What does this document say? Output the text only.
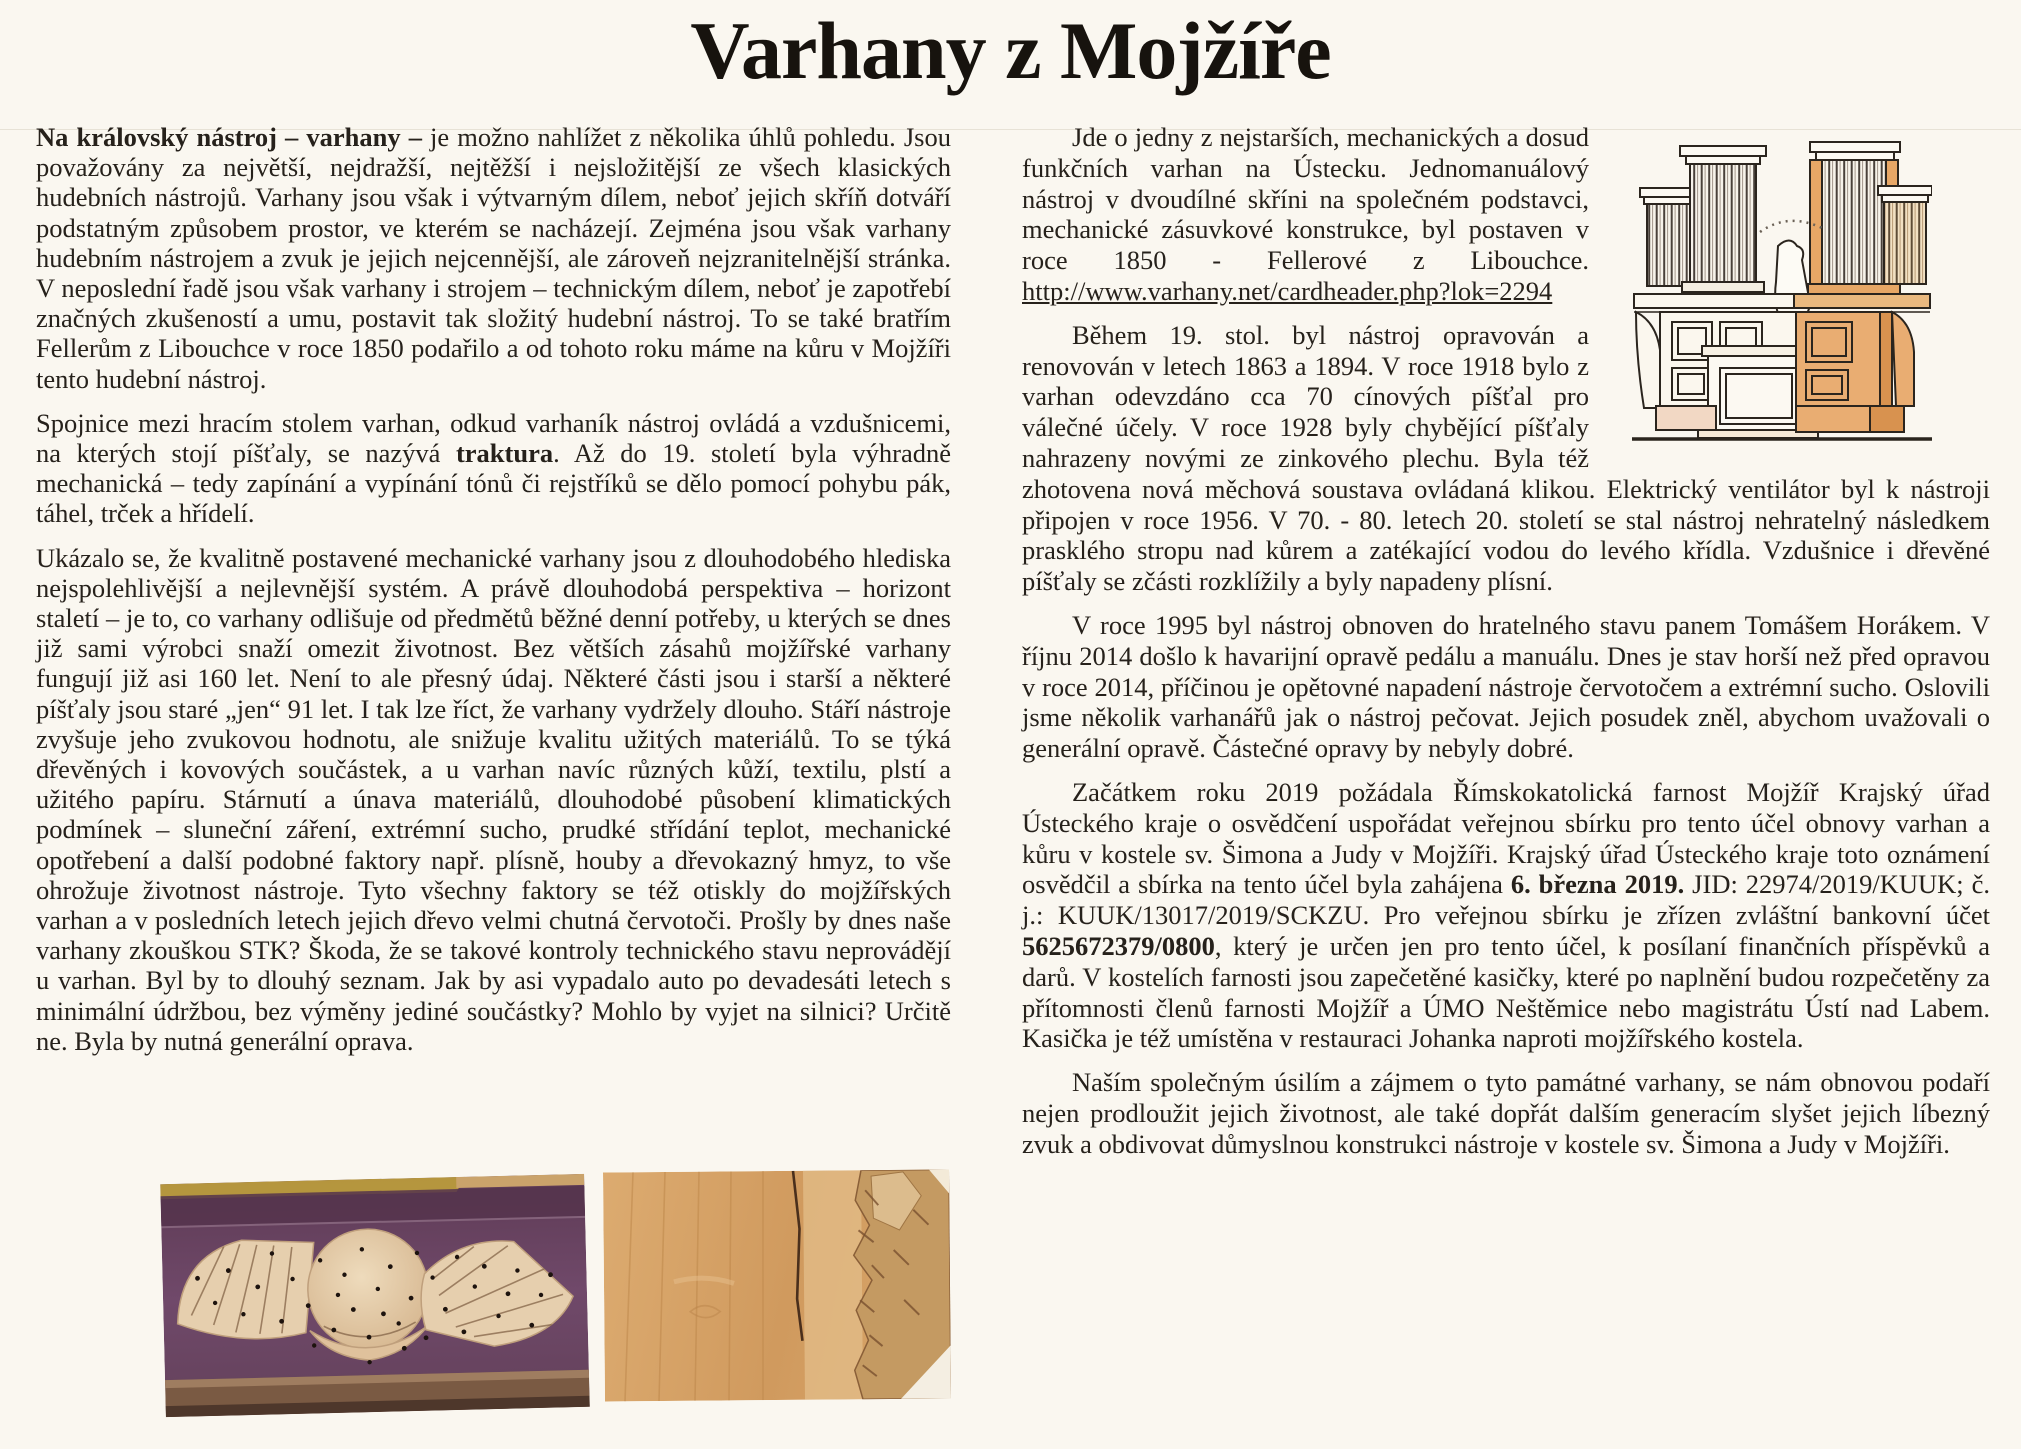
Varhany z Mojžíře

Na královský nástroj – varhany – je možno nahlížet z několika úhlů pohledu. Jsou považovány za největší, nejdražší, nejtěžší i nejsložitější ze všech klasických hudebních nástrojů. Varhany jsou však i výtvarným dílem, neboť jejich skříň dotváří podstatným způsobem prostor, ve kterém se nacházejí. Zejména jsou však varhany hudebním nástrojem a zvuk je jejich nejcennější, ale zároveň nejzranitelnější stránka. V neposlední řadě jsou však varhany i strojem – technickým dílem, neboť je zapotřebí značných zkušeností a umu, postavit tak složitý hudební nástroj. To se také bratřím Fellerům z Libouchce v roce 1850 podařilo a od tohoto roku máme na kůru v Mojžíři tento hudební nástroj.

Spojnice mezi hracím stolem varhan, odkud varhaník nástroj ovládá a vzdušnicemi, na kterých stojí píšťaly, se nazývá traktura. Až do 19. století byla výhradně mechanická – tedy zapínání a vypínání tónů či rejstříků se dělo pomocí pohybu pák, táhel, trček a hřídelí.

Ukázalo se, že kvalitně postavené mechanické varhany jsou z dlouhodobého hlediska nejspolehlivější a nejlevnější systém. A právě dlouhodobá perspektiva – horizont staletí – je to, co varhany odlišuje od předmětů běžné denní potřeby, u kterých se dnes již sami výrobci snaží omezit životnost. Bez větších zásahů mojžířské varhany fungují již asi 160 let. Není to ale přesný údaj. Některé části jsou i starší a některé píšťaly jsou staré „jen“ 91 let. I tak lze říct, že varhany vydržely dlouho. Stáří nástroje zvyšuje jeho zvukovou hodnotu, ale snižuje kvalitu užitých materiálů. To se týká dřevěných i kovových součástek, a u varhan navíc různých kůží, textilu, plstí a užitého papíru. Stárnutí a únava materiálů, dlouhodobé působení klimatických podmínek – sluneční záření, extrémní sucho, prudké střídání teplot, mechanické opotřebení a další podobné faktory např. plísně, houby a dřevokazný hmyz, to vše ohrožuje životnost nástroje. Tyto všechny faktory se též otiskly do mojžířských varhan a v posledních letech jejich dřevo velmi chutná červotoči. Prošly by dnes naše varhany zkouškou STK? Škoda, že se takové kontroly technického stavu neprovádějí u varhan. Byl by to dlouhý seznam. Jak by asi vypadalo auto po devadesáti letech s minimální údržbou, bez výměny jediné součástky? Mohlo by vyjet na silnici? Určitě ne. Byla by nutná generální oprava.

Jde o jedny z nejstarších, mechanických a dosud funkčních varhan na Ústecku. Jednomanuálový nástroj v dvoudílné skříni na společném podstavci, mechanické zásuvkové konstrukce, byl postaven v roce 1850 - Fellerové z Libouchce. http://www.varhany.net/cardheader.php?lok=2294

Během 19. stol. byl nástroj opravován a renovován v letech 1863 a 1894. V roce 1918 bylo z varhan odevzdáno cca 70 cínových píšťal pro válečné účely. V roce 1928 byly chybějící píšťaly nahrazeny novými ze zinkového plechu. Byla též zhotovena nová měchová soustava ovládaná klikou. Elektrický ventilátor byl k nástroji připojen v roce 1956. V 70. - 80. letech 20. století se stal nástroj nehratelný následkem prasklého stropu nad kůrem a zatékající vodou do levého křídla. Vzdušnice i dřevěné píšťaly se zčásti rozklížily a byly napadeny plísní.

V roce 1995 byl nástroj obnoven do hratelného stavu panem Tomášem Horákem. V říjnu 2014 došlo k havarijní opravě pedálu a manuálu. Dnes je stav horší než před opravou v roce 2014, příčinou je opětovné napadení nástroje červotočem a extrémní sucho. Oslovili jsme několik varhanářů jak o nástroj pečovat. Jejich posudek zněl, abychom uvažovali o generální opravě. Částečné opravy by nebyly dobré.

Začátkem roku 2019 požádala Římskokatolická farnost Mojžíř Krajský úřad Ústeckého kraje o osvědčení uspořádat veřejnou sbírku pro tento účel obnovy varhan a kůru v kostele sv. Šimona a Judy v Mojžíři. Krajský úřad Ústeckého kraje toto oznámení osvědčil a sbírka na tento účel byla zahájena 6. března 2019. JID: 22974/2019/KUUK; č. j.: KUUK/13017/2019/SCKZU. Pro veřejnou sbírku je zřízen zvláštní bankovní účet 5625672379/0800, který je určen jen pro tento účel, k posílaní finančních příspěvků a darů. V kostelích farnosti jsou zapečetěné kasičky, které po naplnění budou rozpečetěny za přítomnosti členů farnosti Mojžíř a ÚMO Neštěmice nebo magistrátu Ústí nad Labem. Kasička je též umístěna v restauraci Johanka naproti mojžířského kostela.

Naším společným úsilím a zájmem o tyto památné varhany, se nám obnovou podaří nejen prodloužit jejich životnost, ale také dopřát dalším generacím slyšet jejich líbezný zvuk a obdivovat důmyslnou konstrukci nástroje v kostele sv. Šimona a Judy v Mojžíři.
